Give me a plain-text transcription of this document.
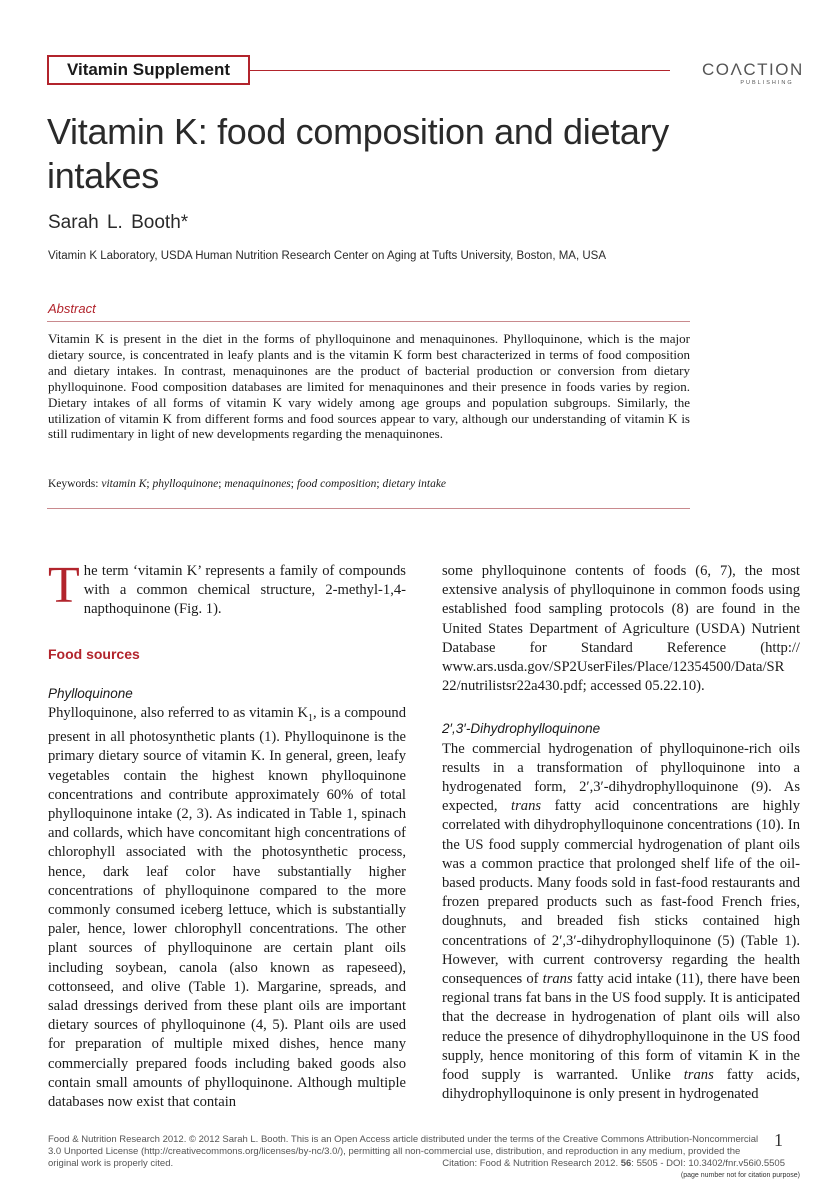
Vitamin Supplement	COΛCTION
PUBLISHING
Vitamin K: food composition and dietary intakes
Sarah L. Booth*
Vitamin K Laboratory, USDA Human Nutrition Research Center on Aging at Tufts University, Boston, MA, USA
Abstract

Vitamin K is present in the diet in the forms of phylloquinone and menaquinones. Phylloquinone, which is the major dietary source, is concentrated in leafy plants and is the vitamin K form best characterized in terms of food composition and dietary intakes. In contrast, menaquinones are the product of bacterial production or conversion from dietary phylloquinone. Food composition databases are limited for menaquinones and their presence in foods varies by region. Dietary intakes of all forms of vitamin K vary widely among age groups and population subgroups. Similarly, the utilization of vitamin K from different forms and food sources appear to vary, although our understanding of vitamin K is still rudimentary in light of new developments regarding the menaquinones.

Keywords: vitamin K; phylloquinone; menaquinones; food composition; dietary intake

The term ‘vitamin K’ represents a family of compounds with a common chemical structure, 2-methyl-1,4-napthoquinone (Fig. 1).

Food sources
Phylloquinone

Phylloquinone, also referred to as vitamin $K_1$, is a compound present in all photosynthetic plants (1). Phylloquinone is the primary dietary source of vitamin K. In general, green, leafy vegetables contain the highest known phylloquinone concentrations and contribute approximately 60% of total phylloquinone intake (2, 3). As indicated in Table 1, spinach and collards, which have concomitant high concentrations of chlorophyll associated with the photosynthetic process, hence, dark leaf color have substantially higher concentrations of phylloquinone compared to the more commonly consumed iceberg lettuce, which is substantially paler, hence, lower chlorophyll concentrations. The other plant sources of phylloquinone are certain plant oils including soybean, canola (also known as rapeseed), cottonseed, and olive (Table 1). Margarine, spreads, and salad dressings derived from these plant oils are important dietary sources of phylloquinone (4, 5). Plant oils are used for preparation of multiple mixed dishes, hence many commercially prepared foods including baked goods also contain small amounts of phylloquinone. Although multiple databases now exist that contain

some phylloquinone contents of foods (6, 7), the most extensive analysis of phylloquinone in common foods using established food sampling protocols (8) are found in the United States Department of Agriculture (USDA) Nutrient Database for Standard Reference (http:// www.ars.usda.gov/SP2UserFiles/Place/12354500/Data/SR 22/nutrilistsr22a430.pdf; accessed 05.22.10).

2′,3′-Dihydrophylloquinone

The commercial hydrogenation of phylloquinone-rich oils results in a transformation of phylloquinone into a hydrogenated form, 2′,3′-dihydrophylloquinone (9). As expected, trans fatty acid concentrations are highly correlated with dihydrophylloquinone concentrations (10). In the US food supply commercial hydrogenation of plant oils was a common practice that prolonged shelf life of the oil-based products. Many foods sold in fast-food restaurants and frozen prepared products such as fast-food French fries, doughnuts, and breaded fish sticks contained high concentrations of 2′,3′-dihydrophylloquinone (5) (Table 1). However, with current controversy regarding the health consequences of trans fatty acid intake (11), there have been regional trans fat bans in the US food supply. It is anticipated that the decrease in hydrogenation of plant oils will also reduce the presence of dihydrophylloquinone in the US food supply, hence monitoring of this form of vitamin K in the food supply is warranted. Unlike trans fatty acids, dihydrophylloquinone is only present in hydrogenated

Food & Nutrition Research 2012. © 2012 Sarah L. Booth. This is an Open Access article distributed under the terms of the Creative Commons Attribution-Noncommercial 3.0 Unported License (http://creativecommons.org/licenses/by-nc/3.0/), permitting all non-commercial use, distribution, and reproduction in any medium, provided the original work is properly cited.	Citation: Food & Nutrition Research 2012. 56: 5505 - DOI: 10.3402/fnr.v56i0.5505
1
(page number not for citation purpose)
